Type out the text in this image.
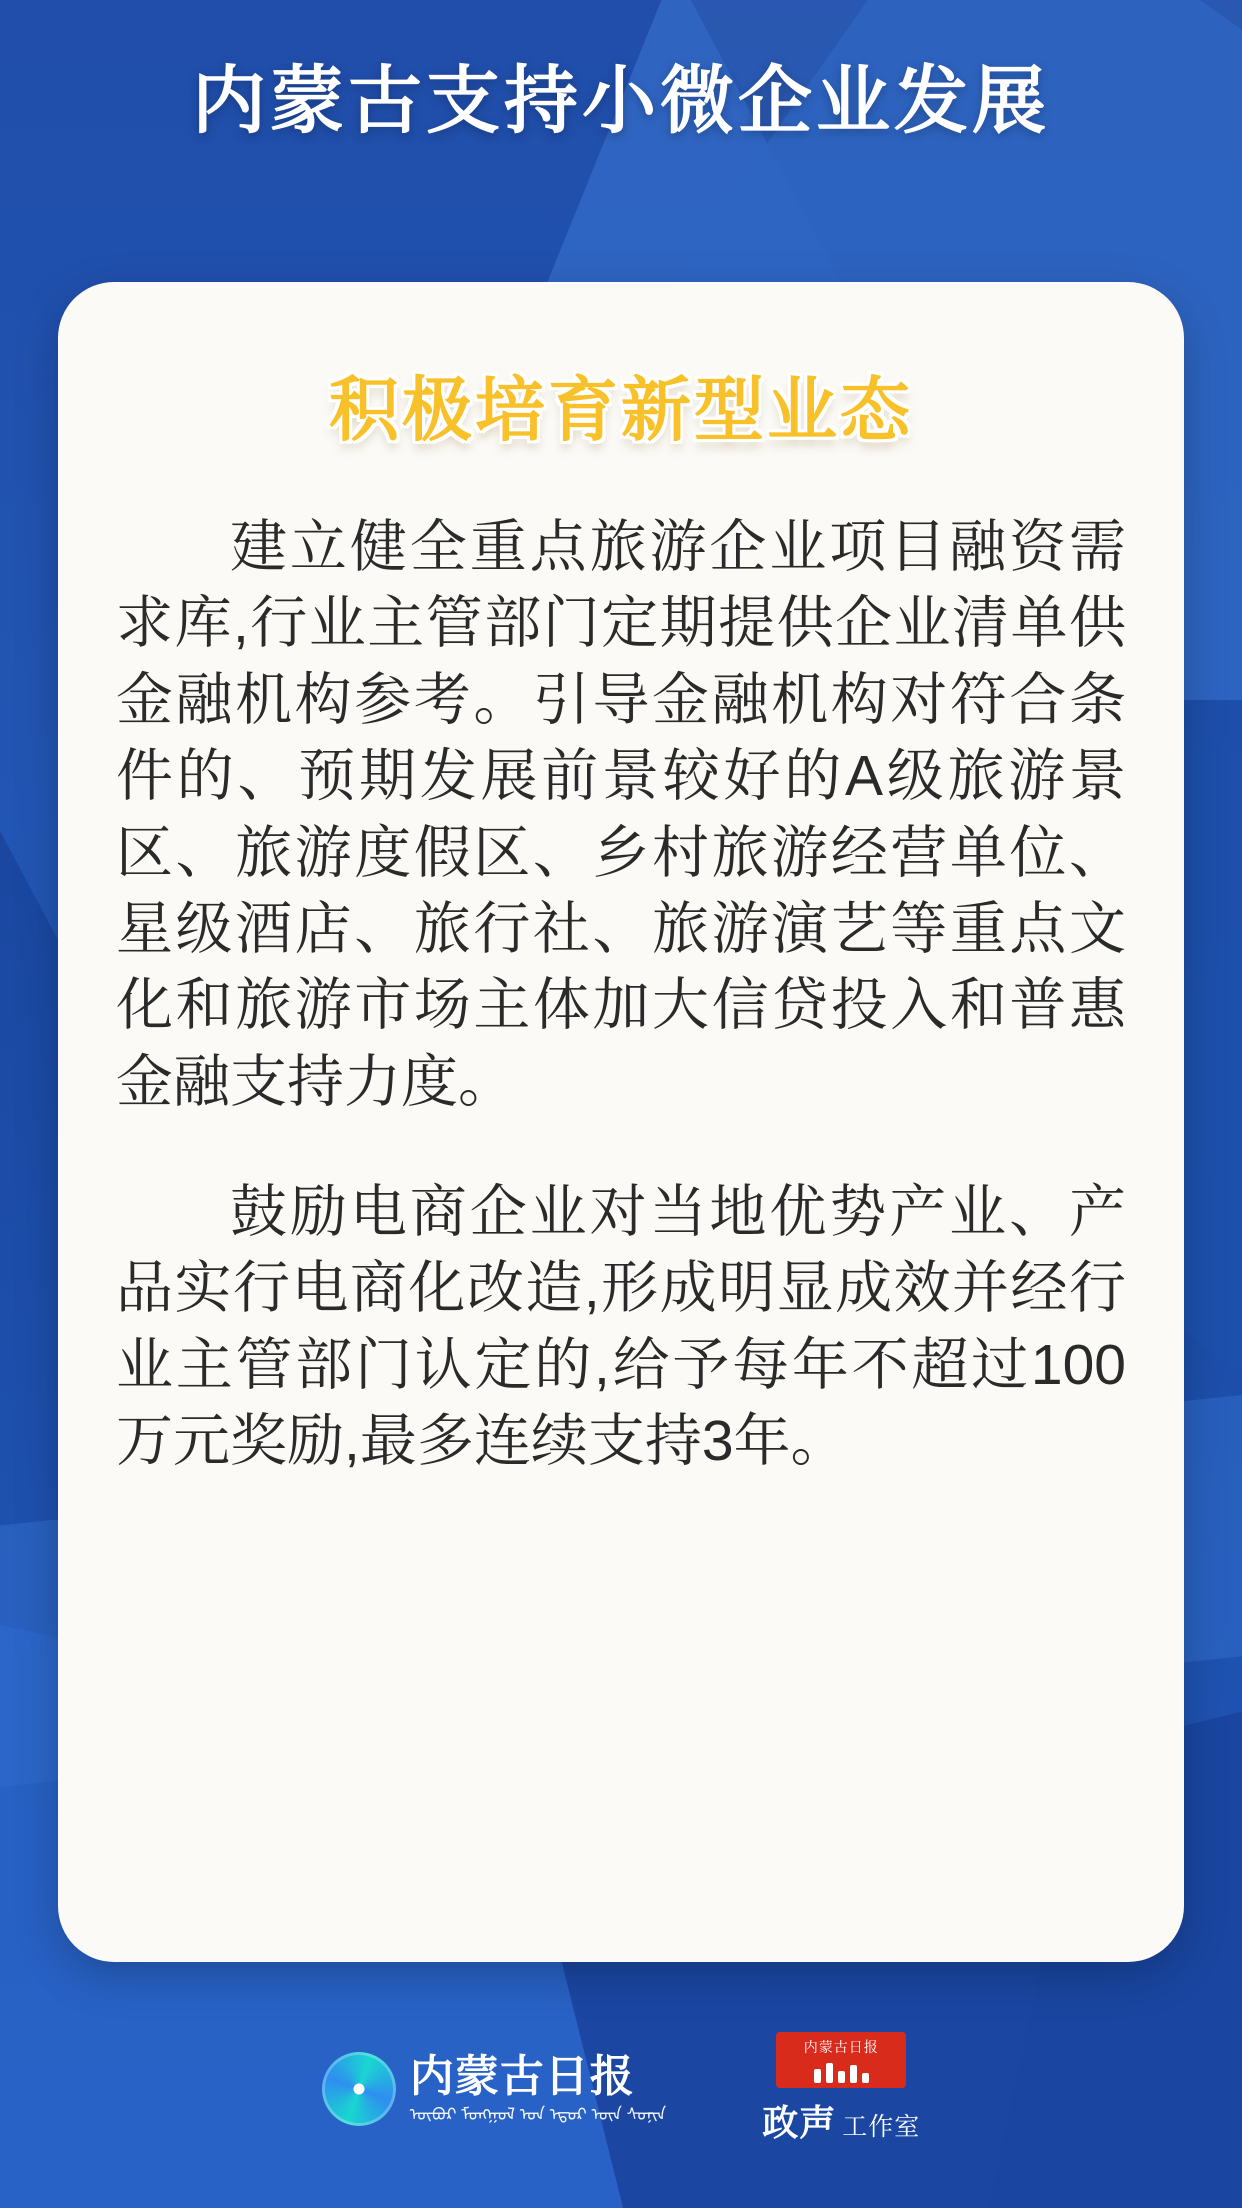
内蒙古支持小微企业发展
积极培育新型业态

建立健全重点旅游企业项目融资需求库,行业主管部门定期提供企业清单供金融机构参考。引导金融机构对符合条件的、预期发展前景较好的A级旅游景区、旅游度假区、乡村旅游经营单位、星级酒店、旅行社、旅游演艺等重点文化和旅游市场主体加大信贷投入和普惠金融支持力度。

鼓励电商企业对当地优势产业、产品实行电商化改造,形成明显成效并经行业主管部门认定的,给予每年不超过100万元奖励,最多连续支持3年。

内蒙古日报
ᠦᠪᠦᠷ ᠮᠣᠩᠭᠣᠯ ᠤᠨ ᠡᠳᠦᠷ ᠦᠨ ᠰᠣᠨᠢᠨ
内蒙古日报
政声 工作室
